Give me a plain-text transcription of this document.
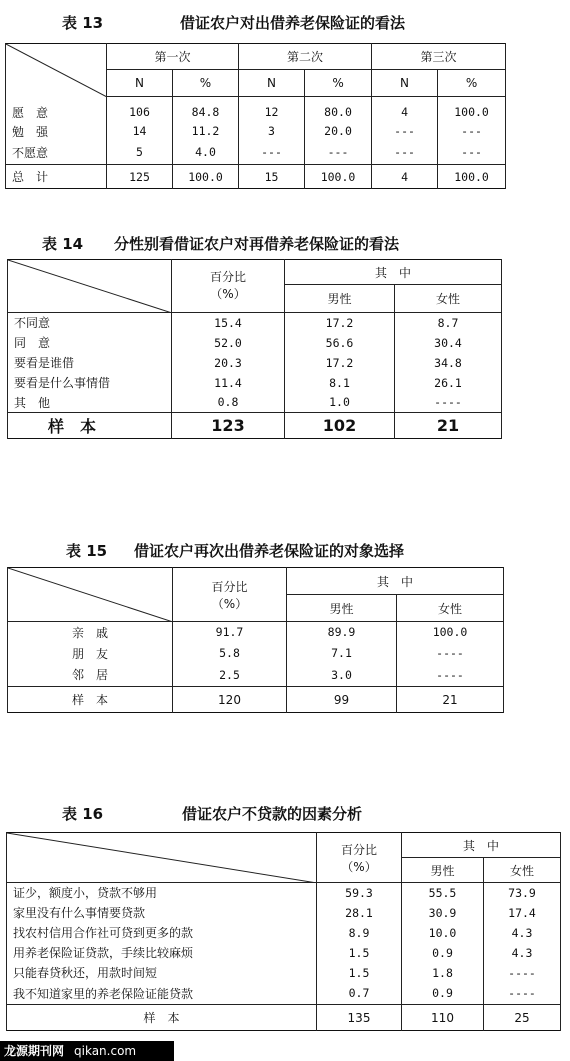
表 13	借证农户对出借养老保险证的看法
	第一次		第二次		第三次	
	N	%	N	%	N	%

愿　意	106	84.8	12	80.0	4	100.0
勉　强	14	11.2	3	20.0	---	---
不愿意	5	4.0	---	---	---	---
总　计	125	100.0	15	100.0	4	100.0
表 14 分性别看借证农户对再借养老保险证的看法
	百分比	其　中	
	（%）	男性	女性
不同意	15.4	17.2	8.7
同　意	52.0	56.6	30.4
要看是谁借	20.3	17.2	34.8
要看是什么事情借	11.4	8.1	26.1
其　他	0.8	1.0	----
样　本	123	102	21
表 15 借证农户再次出借养老保险证的对象选择
	百分比	其　中	
	（%）	男性	女性
亲　戚	91.7	89.9	100.0
朋　友	5.8	7.1	----
邻　居	2.5	3.0	----
样　本	120	99	21
表 16	借证农户不贷款的因素分析
	百分比	其　中	
	（%）	男性	女性
证少，额度小，贷款不够用	59.3	55.5	73.9
家里没有什么事情要贷款	28.1	30.9	17.4
找农村信用合作社可贷到更多的款	8.9	10.0	4.3
用养老保险证贷款，手续比较麻烦	1.5	0.9	4.3
只能春贷秋还，用款时间短	1.5	1.8	----
我不知道家里的养老保险证能贷款	0.7	0.9	----
样　本	135	110	25
龙源期刊网 qikan.com
